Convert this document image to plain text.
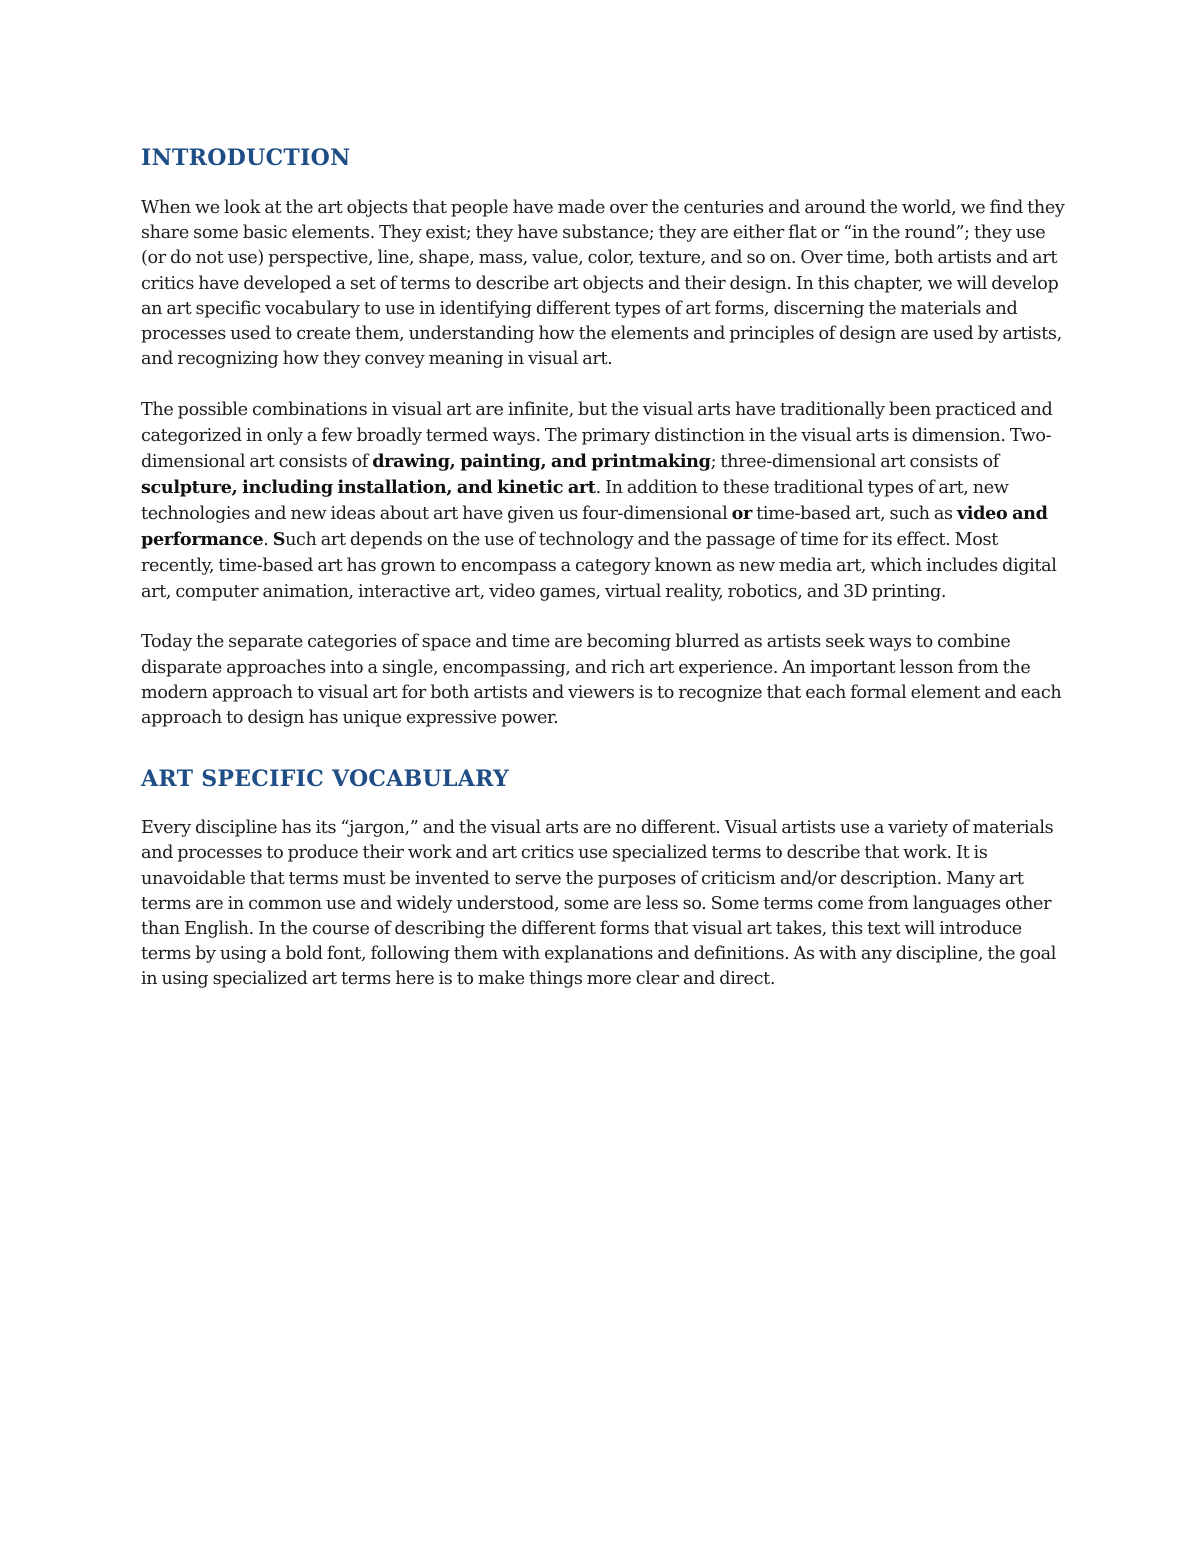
INTRODUCTION

When we look at the art objects that people have made over the centuries and around the world, we find they share some basic elements. They exist; they have substance; they are either flat or “in the round”; they use (or do not use) perspective, line, shape, mass, value, color, texture, and so on. Over time, both artists and art critics have developed a set of terms to describe art objects and their design. In this chapter, we will develop an art specific vocabulary to use in identifying different types of art forms, discerning the materials and processes used to create them, understanding how the elements and principles of design are used by artists, and recognizing how they convey meaning in visual art.

The possible combinations in visual art are infinite, but the visual arts have traditionally been practiced and categorized in only a few broadly termed ways. The primary distinction in the visual arts is dimension. Two-dimensional art consists of drawing, painting, and printmaking; three-dimensional art consists of sculpture, including installation, and kinetic art. In addition to these traditional types of art, new technologies and new ideas about art have given us four-dimensional or time-based art, such as video and performance. Such art depends on the use of technology and the passage of time for its effect. Most recently, time-based art has grown to encompass a category known as new media art, which includes digital art, computer animation, interactive art, video games, virtual reality, robotics, and 3D printing.

Today the separate categories of space and time are becoming blurred as artists seek ways to combine disparate approaches into a single, encompassing, and rich art experience. An important lesson from the modern approach to visual art for both artists and viewers is to recognize that each formal element and each approach to design has unique expressive power.

ART SPECIFIC VOCABULARY

Every discipline has its “jargon,” and the visual arts are no different. Visual artists use a variety of materials and processes to produce their work and art critics use specialized terms to describe that work. It is unavoidable that terms must be invented to serve the purposes of criticism and/or description. Many art terms are in common use and widely understood, some are less so. Some terms come from languages other than English. In the course of describing the different forms that visual art takes, this text will introduce terms by using a bold font, following them with explanations and definitions. As with any discipline, the goal in using specialized art terms here is to make things more clear and direct.
